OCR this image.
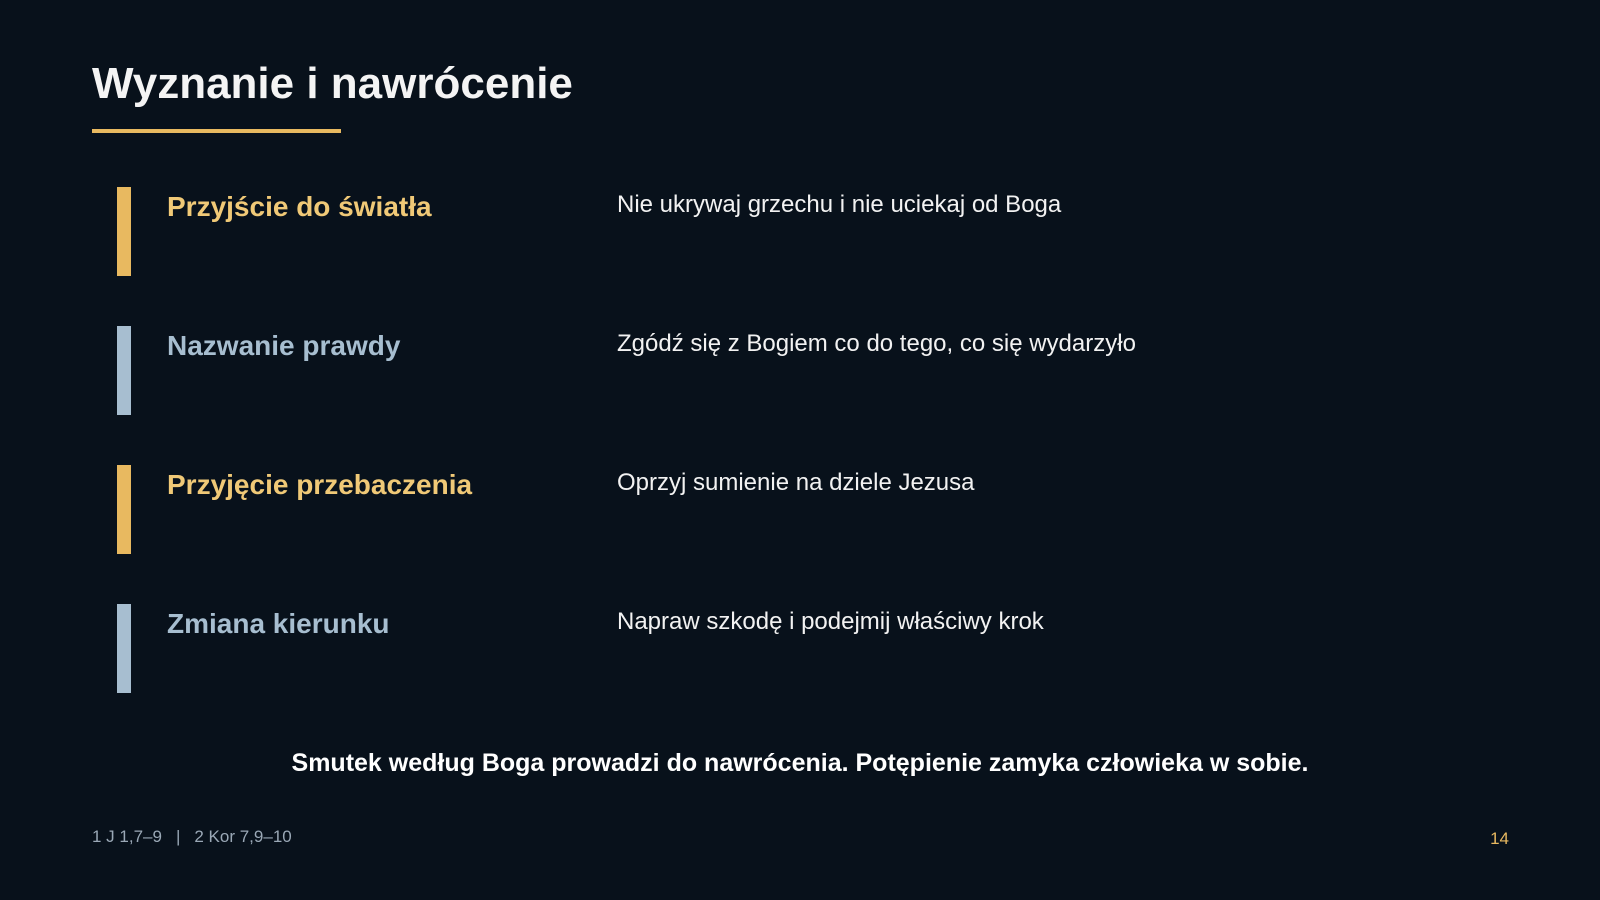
Wyznanie i nawrócenie
Przyjście do światła	Nie ukrywaj grzechu i nie uciekaj od Boga
Nazwanie prawdy	Zgódź się z Bogiem co do tego, co się wydarzyło
Przyjęcie przebaczenia	Oprzyj sumienie na dziele Jezusa
Zmiana kierunku	Napraw szkodę i podejmij właściwy krok
Smutek według Boga prowadzi do nawrócenia. Potępienie zamyka człowieka w sobie.
1 J 1,7–9 | 2 Kor 7,9–10	14
